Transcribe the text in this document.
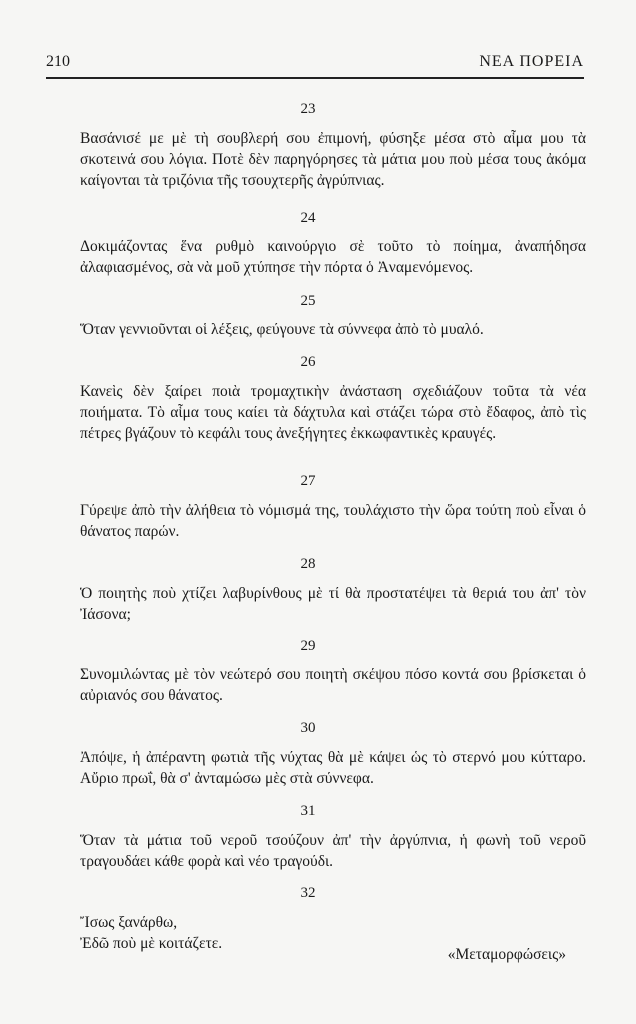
210	ΝΕΑ ΠΟΡΕΙΑ
23
Βασάνισέ με μὲ τὴ σουβλερή σου ἐπιμονή, φύσηξε μέσα στὸ αἷμα μου τὰ σκοτεινά σου λόγια. Ποτὲ δὲν παρηγόρησες τὰ μάτια μου ποὺ μέσα τους ἀκόμα καίγονται τὰ τριζόνια τῆς τσουχτερῆς ἀγρύπνιας.
24
Δοκιμάζοντας ἕνα ρυθμὸ καινούργιο σὲ τοῦτο τὸ ποίημα, ἀναπήδησα ἀλαφιασμένος, σὰ νὰ μοῦ χτύπησε τὴν πόρτα ὁ Ἀναμενόμενος.
25
Ὅταν γεννιοῦνται οἱ λέξεις, φεύγουνε τὰ σύννεφα ἀπὸ τὸ μυαλό.
26
Κανεὶς δὲν ξαίρει ποιὰ τρομαχτικὴν ἀνάσταση σχεδιάζουν τοῦτα τὰ νέα ποιήματα. Τὸ αἷμα τους καίει τὰ δάχτυλα καὶ στάζει τώρα στὸ ἔδαφος, ἀπὸ τὶς πέτρες βγάζουν τὸ κεφάλι τους ἀνεξήγητες ἐκκωφαντικὲς κραυγές.
27
Γύρεψε ἀπὸ τὴν ἀλήθεια τὸ νόμισμά της, τουλάχιστο τὴν ὥρα τούτη ποὺ εἶναι ὁ θάνατος παρών.
28
Ὁ ποιητὴς ποὺ χτίζει λαβυρίνθους μὲ τί θὰ προστατέψει τὰ θεριά του ἀπ' τὸν Ἰάσονα;
29
Συνομιλώντας μὲ τὸν νεώτερό σου ποιητὴ σκέψου πόσο κοντά σου βρίσκεται ὁ αὐριανός σου θάνατος.
30
Ἀπόψε, ἡ ἀπέραντη φωτιὰ τῆς νύχτας θὰ μὲ κάψει ὡς τὸ στερνό μου κύτταρο. Αὔριο πρωΐ, θὰ σ' ἀνταμώσω μὲς στὰ σύννεφα.
31
Ὅταν τὰ μάτια τοῦ νεροῦ τσούζουν ἀπ' τὴν ἀργύπνια, ἡ φωνὴ τοῦ νεροῦ τραγουδάει κάθε φορὰ καὶ νέο τραγούδι.
32
Ἴσως ξανάρθω,
Ἐδῶ ποὺ μὲ κοιτάζετε.
«Μεταμορφώσεις»
